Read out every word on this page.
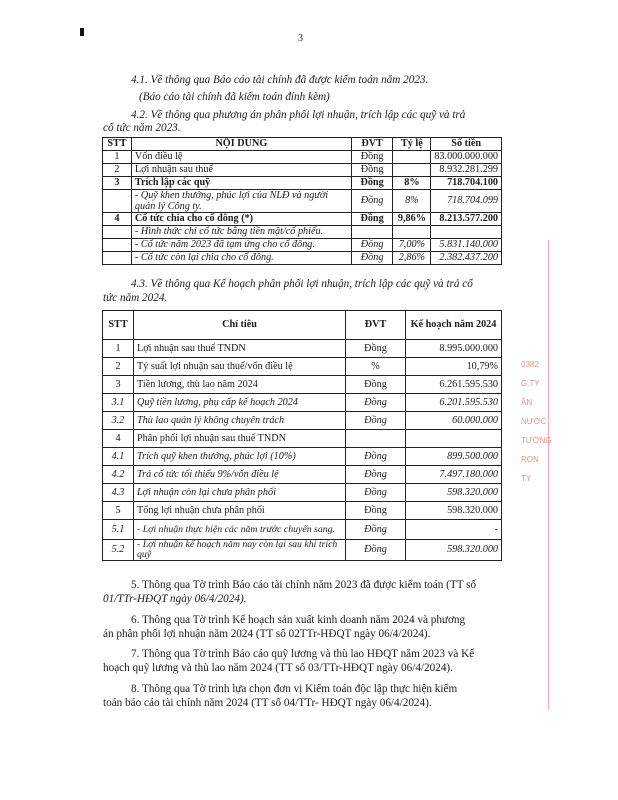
3
4.1. Về thông qua Báo cáo tài chính đã được kiểm toán năm 2023.
(Báo cáo tài chính đã kiểm toán đính kèm)
4.2. Về thông qua phương án phân phối lợi nhuận, trích lập các quỹ và trả
cổ tức năm 2023.
STT	NỘI DUNG	ĐVT	Tỷ lệ	Số tiền
1	Vốn điều lệ	Đồng		83.000.000.000
2	Lợi nhuận sau thuế	Đồng		8.932.281.299
3	Trích lập các quỹ	Đồng	8%	718.704.100
	- Quỹ khen thưởng, phúc lợi của NLĐ và người quản lý Công ty.	Đồng	8%	718.704.099
4	Cổ tức chia cho cổ đông (*)	Đồng	9,86%	8.213.577.200
	- Hình thức chi cổ tức bằng tiền mặt/cổ phiếu.			
	- Cổ tức năm 2023 đã tạm ứng cho cổ đông.	Đồng	7,00%	5.831.140.000
	- Cổ tức còn lại chia cho cổ đông.	Đồng	2,86%	2.382.437.200
4.3. Về thông qua Kế hoạch phân phối lợi nhuận, trích lập các quỹ và trả cổ
tức năm 2024.
STT	Chỉ tiêu	ĐVT	Kế hoạch năm 2024
1	Lợi nhuận sau thuế TNDN	Đồng	8.995.000.000
2	Tỷ suất lợi nhuận sau thuế/vốn điều lệ	%	10,79%
3	Tiền lương, thù lao năm 2024	Đồng	6.261.595.530
3.1	Quỹ tiền lương, phụ cấp kế hoạch 2024	Đồng	6.201.595.530
3.2	Thù lao quản lý không chuyên trách	Đồng	60.000.000
4	Phân phối lợi nhuận sau thuế TNDN		
4.1	Trích quỹ khen thưởng, phúc lợi (10%)	Đồng	899.500.000
4.2	Trả cổ tức tối thiểu 9%/vốn điều lệ	Đồng	7.497.180.000
4.3	Lợi nhuận còn lại chưa phân phối	Đồng	598.320.000
5	Tổng lợi nhuận chưa phân phối	Đồng	598.320.000
5.1	- Lợi nhuận thực hiện các năm trước chuyển sang.	Đồng	-
5.2	- Lợi nhuận kế hoạch năm nay còn lại sau khi trích quỹ	Đồng	598.320.000
0382
G.TY
ẦN
NƯỚC
TƯỜNG
RON TY
5. Thông qua Tờ trình Báo cáo tài chính năm 2023 đã được kiểm toán (TT số
01/TTr-HĐQT ngày 06/4/2024).
6. Thông qua Tờ trình Kế hoạch sản xuất kinh doanh năm 2024 và phương
án phân phối lợi nhuận năm 2024 (TT số 02TTr-HĐQT ngày 06/4/2024).
7. Thông qua Tờ trình Báo cáo quỹ lương và thù lao HĐQT năm 2023 và Kế
hoạch quỹ lương và thù lao năm 2024 (TT số 03/TTr-HĐQT ngày 06/4/2024).
8. Thông qua Tờ trình lựa chọn đơn vị Kiểm toán độc lập thực hiện kiểm
toán báo cáo tài chính năm 2024 (TT số 04/TTr- HĐQT ngày 06/4/2024).
